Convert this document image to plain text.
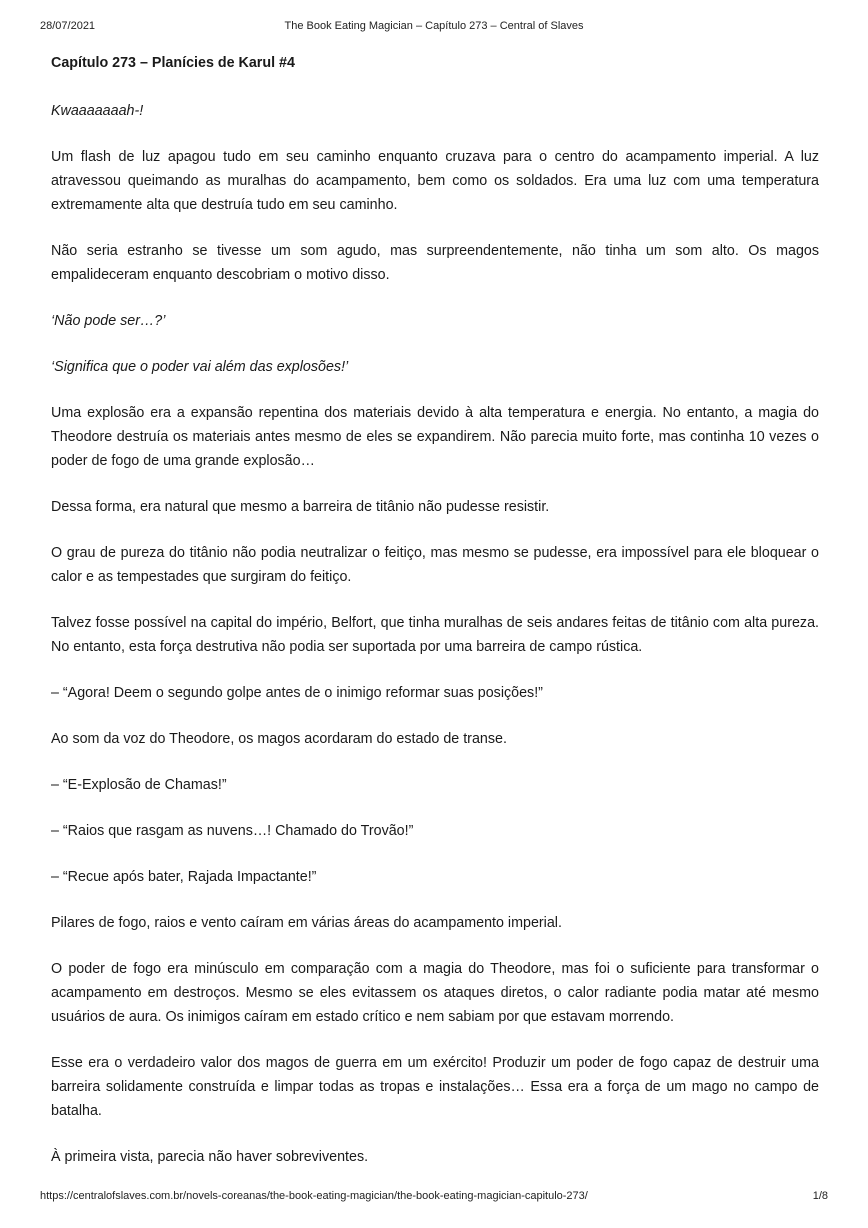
28/07/2021	The Book Eating Magician – Capítulo 273 – Central of Slaves
Capítulo 273 – Planícies de Karul #4

Kwaaaaaaah-!

Um flash de luz apagou tudo em seu caminho enquanto cruzava para o centro do acampamento imperial. A luz atravessou queimando as muralhas do acampamento, bem como os soldados. Era uma luz com uma temperatura extremamente alta que destruía tudo em seu caminho.

Não seria estranho se tivesse um som agudo, mas surpreendentemente, não tinha um som alto. Os magos empalideceram enquanto descobriam o motivo disso.

‘Não pode ser…?’

‘Significa que o poder vai além das explosões!’

Uma explosão era a expansão repentina dos materiais devido à alta temperatura e energia. No entanto, a magia do Theodore destruía os materiais antes mesmo de eles se expandirem. Não parecia muito forte, mas continha 10 vezes o poder de fogo de uma grande explosão…

Dessa forma, era natural que mesmo a barreira de titânio não pudesse resistir.

O grau de pureza do titânio não podia neutralizar o feitiço, mas mesmo se pudesse, era impossível para ele bloquear o calor e as tempestades que surgiram do feitiço.

Talvez fosse possível na capital do império, Belfort, que tinha muralhas de seis andares feitas de titânio com alta pureza. No entanto, esta força destrutiva não podia ser suportada por uma barreira de campo rústica.

– “Agora! Deem o segundo golpe antes de o inimigo reformar suas posições!”

Ao som da voz do Theodore, os magos acordaram do estado de transe.

– “E-Explosão de Chamas!”

– “Raios que rasgam as nuvens…! Chamado do Trovão!”

– “Recue após bater, Rajada Impactante!”

Pilares de fogo, raios e vento caíram em várias áreas do acampamento imperial.

O poder de fogo era minúsculo em comparação com a magia do Theodore, mas foi o suficiente para transformar o acampamento em destroços. Mesmo se eles evitassem os ataques diretos, o calor radiante podia matar até mesmo usuários de aura. Os inimigos caíram em estado crítico e nem sabiam por que estavam morrendo.

Esse era o verdadeiro valor dos magos de guerra em um exército! Produzir um poder de fogo capaz de destruir uma barreira solidamente construída e limpar todas as tropas e instalações… Essa era a força de um mago no campo de batalha.

À primeira vista, parecia não haver sobreviventes.

https://centralofslaves.com.br/novels-coreanas/the-book-eating-magician/the-book-eating-magician-capitulo-273/	1/8
